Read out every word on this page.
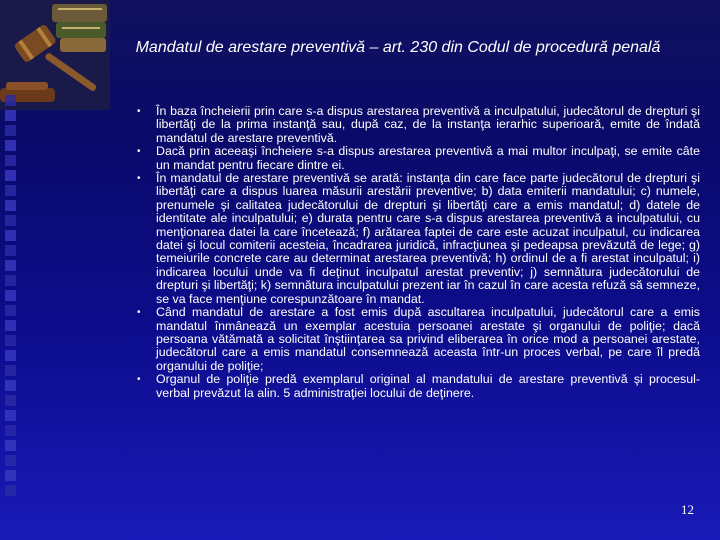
Mandatul de arestare preventivă – art. 230 din Codul de procedură penală
• În baza încheierii prin care s-a dispus arestarea preventivă a inculpatului, judecătorul de drepturi şi libertăţi de la prima instanţă sau, după caz, de la instanţa ierarhic superioară, emite de îndată mandatul de arestare preventivă.
• Dacă prin aceeaşi încheiere s-a dispus arestarea preventivă a mai multor inculpaţi, se emite câte un mandat pentru fiecare dintre ei.
• În mandatul de arestare preventivă se arată: instanţa din care face parte judecătorul de drepturi şi libertăţi care a dispus luarea măsurii arestării preventive; b) data emiterii mandatului; c) numele, prenumele şi calitatea judecătorului de drepturi şi libertăţi care a emis mandatul; d) datele de identitate ale inculpatului; e) durata pentru care s-a dispus arestarea preventivă a inculpatului, cu menţionarea datei la care încetează; f) arătarea faptei de care este acuzat inculpatul, cu indicarea datei şi locul comiterii acesteia, încadrarea juridică, infracţiunea şi pedeapsa prevăzută de lege; g) temeiurile concrete care au determinat arestarea preventivă; h) ordinul de a fi arestat inculpatul; i) indicarea locului unde va fi deţinut inculpatul arestat preventiv; j) semnătura judecătorului de drepturi şi libertăţi; k) semnătura inculpatului prezent iar în cazul în care acesta refuză să semneze, se va face menţiune corespunzătoare în mandat.
• Când mandatul de arestare a fost emis după ascultarea inculpatului, judecătorul care a emis mandatul înmânează un exemplar acestuia persoanei arestate şi organului de poliţie; dacă persoana vătămată a solicitat înştiinţarea sa privind eliberarea în orice mod a persoanei arestate, judecătorul care a emis mandatul consemnează aceasta într-un proces verbal, pe care îl predă organului de poliţie;
• Organul de poliţie predă exemplarul original al mandatului de arestare preventivă şi procesul-verbal prevăzut la alin. 5 administraţiei locului de deţinere.
12
